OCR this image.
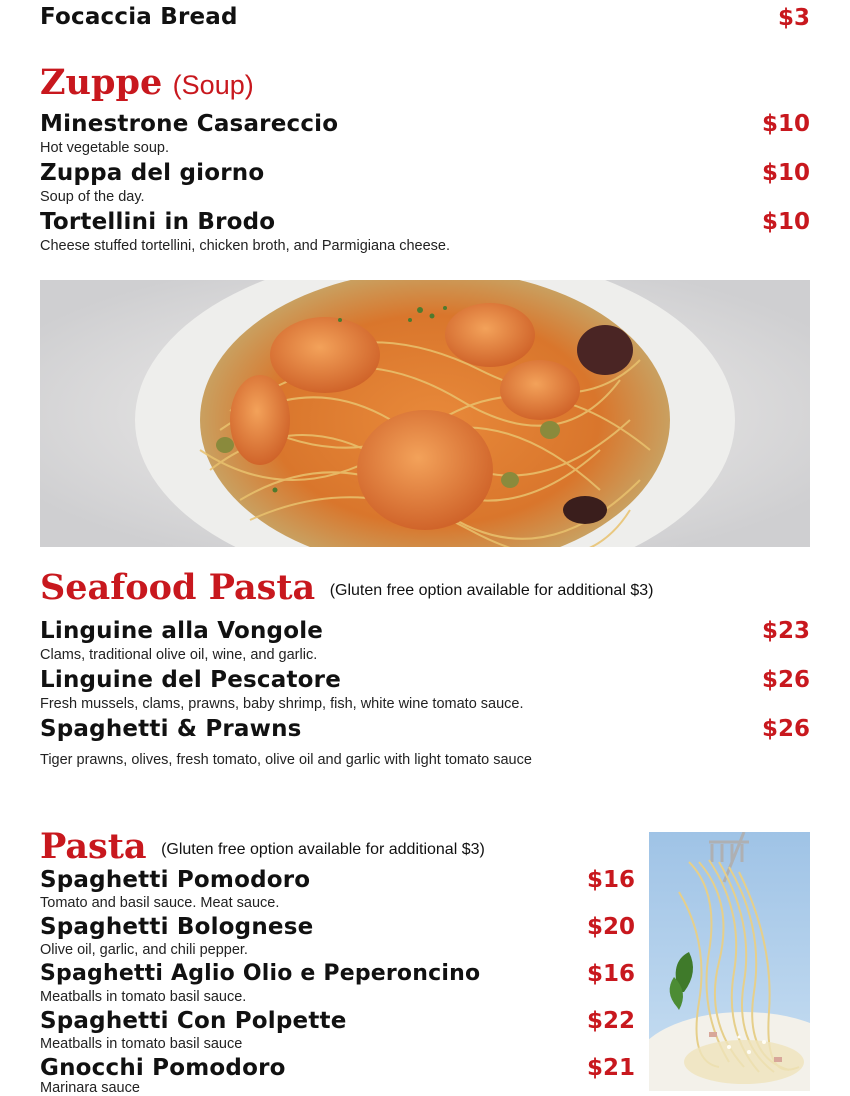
Focaccia Bread	$3
Zuppe (Soup)
Minestrone Casareccio	$10
Hot vegetable soup.
Zuppa del giorno	$10
Soup of the day.
Tortellini in Brodo	$10
Cheese stuffed tortellini, chicken broth, and Parmigiana cheese.
Seafood Pasta (Gluten free option available for additional $3)
Linguine alla Vongole	$23
Clams, traditional olive oil, wine, and garlic.
Linguine del Pescatore	$26
Fresh mussels, clams, prawns, baby shrimp, fish, white wine tomato sauce.
Spaghetti & Prawns	$26
Tiger prawns, olives, fresh tomato, olive oil and garlic with light tomato sauce
Pasta (Gluten free option available for additional $3)
Spaghetti Pomodoro	$16
Tomato and basil sauce. Meat sauce.
Spaghetti Bolognese	$20
Olive oil, garlic, and chili pepper.
Spaghetti Aglio Olio e Peperoncino	$16
Meatballs in tomato basil sauce.
Spaghetti Con Polpette	$22
Meatballs in tomato basil sauce
Gnocchi Pomodoro	$21
Marinara sauce
